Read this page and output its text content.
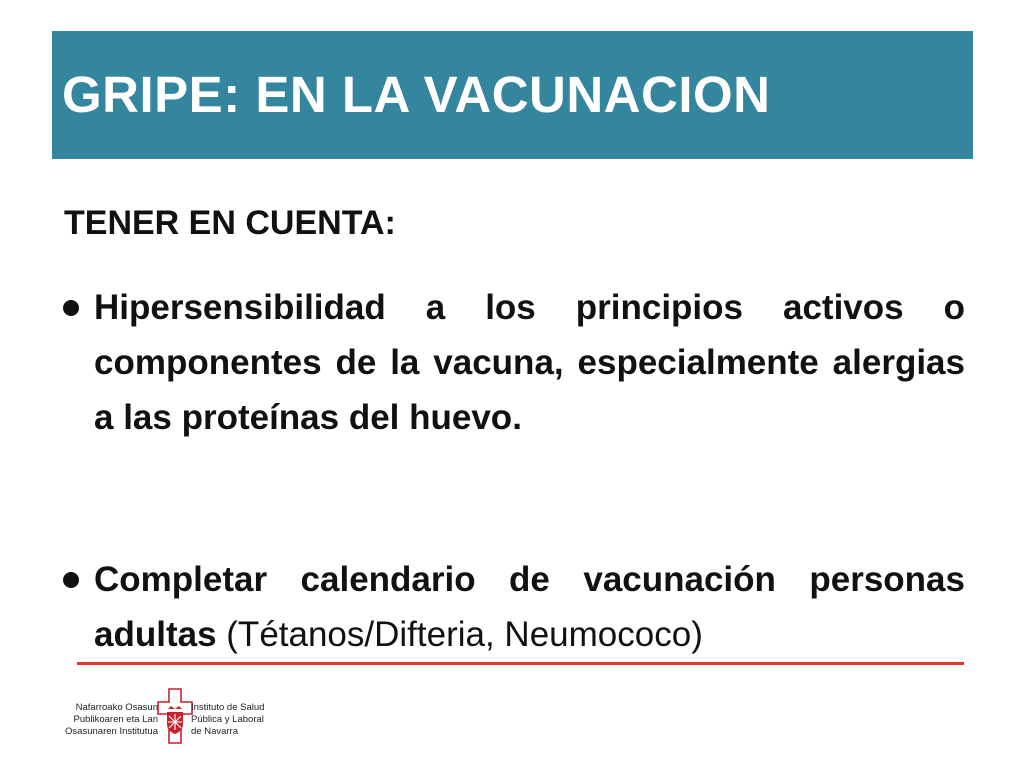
GRIPE: EN LA VACUNACION
TENER EN CUENTA:
Hipersensibilidad a los principios activos o componentes de la vacuna, especialmente alergias a las proteínas del huevo.
Completar calendario de vacunación personas adultas (Tétanos/Difteria, Neumococo)
Nafarroako Osasun
Publikoaren eta Lan
Osasunaren Institutua
Instituto de Salud
Pública y Laboral
de Navarra
